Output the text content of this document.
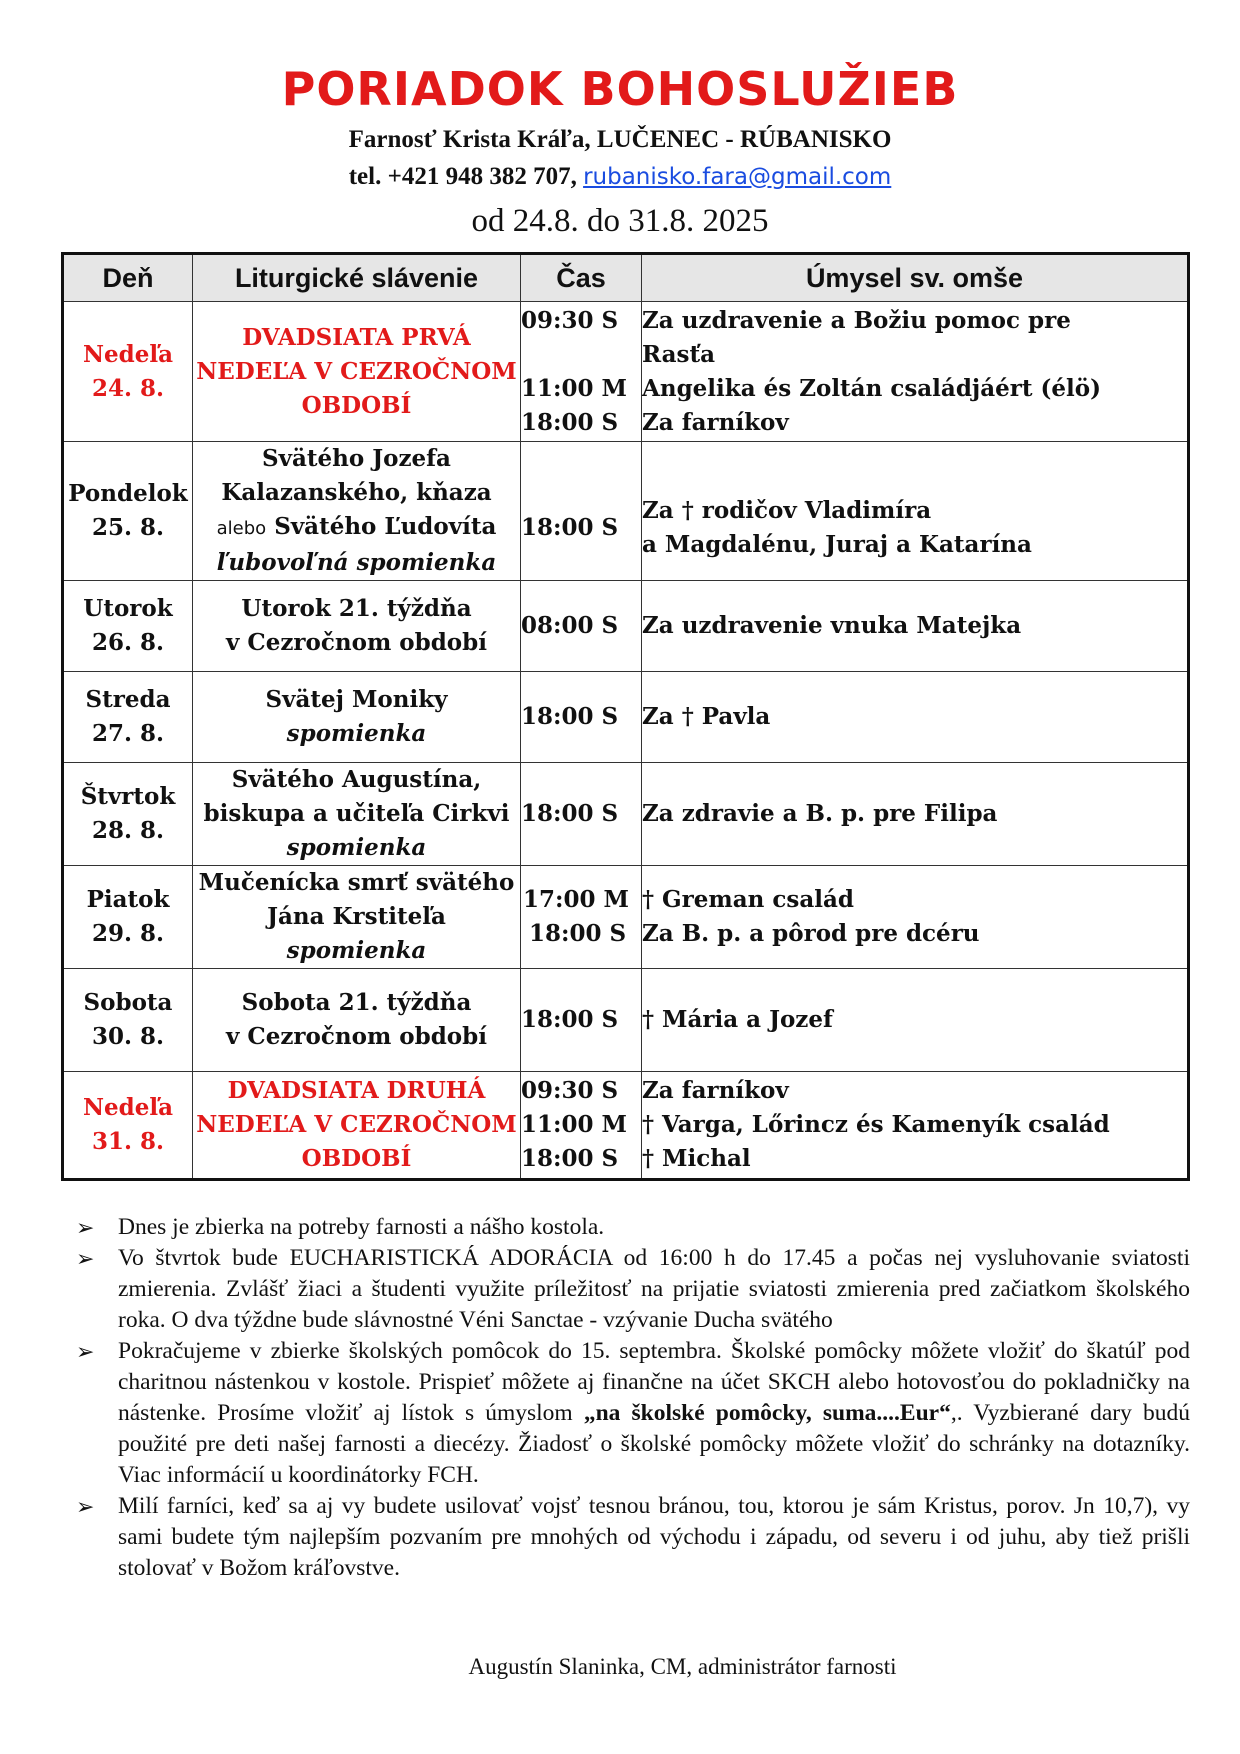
PORIADOK BOHOSLUŽIEB
Farnosť Krista Kráľa, LUČENEC - RÚBANISKO
tel. +421 948 382 707, rubanisko.fara@gmail.com
od 24.8. do 31.8. 2025
Deň	Liturgické slávenie	Čas	Úmysel sv. omše

Nedeľa
24. 8.	DVADSIATA PRVÁ
NEDEĽA V CEZROČNOM
OBDOBÍ	09:30 S
11:00 M
18:00 S	Za uzdravenie a Božiu pomoc pre
Rasťa
Angelika és Zoltán családjáért (élö)
Za farníkov

Pondelok
25. 8.	Svätého Jozefa
Kalazanského, kňaza
alebo Svätého Ľudovíta
ľubovoľná spomienka	18:00 S	Za † rodičov Vladimíra
a Magdalénu, Juraj a Katarína

Utorok
26. 8.	Utorok 21. týždňa
v Cezročnom období	08:00 S	Za uzdravenie vnuka Matejka

Streda
27. 8.	Svätej Moniky
spomienka	18:00 S	Za † Pavla

Štvrtok
28. 8.	Svätého Augustína,
biskupa a učiteľa Cirkvi
spomienka	18:00 S	Za zdravie a B. p. pre Filipa

Piatok
29. 8.	Mučenícka smrť svätého
Jána Krstiteľa
spomienka	17:00 M
18:00 S	† Greman család
Za B. p. a pôrod pre dcéru

Sobota
30. 8.	Sobota 21. týždňa
v Cezročnom období	18:00 S	† Mária a Jozef

Nedeľa
31. 8.	DVADSIATA DRUHÁ
NEDEĽA V CEZROČNOM
OBDOBÍ	09:30 S
11:00 M
18:00 S	Za farníkov
† Varga, Lőrincz és Kamenyík család
† Michal
➢ Dnes je zbierka na potreby farnosti a nášho kostola.
➢ Vo štvrtok bude EUCHARISTICKÁ ADORÁCIA od 16:00 h do 17.45 a počas nej vysluhovanie sviatosti zmierenia. Zvlášť žiaci a študenti využite príležitosť na prijatie sviatosti zmierenia pred začiatkom školského roka. O dva týždne bude slávnostné Véni Sanctae - vzývanie Ducha svätého
➢ Pokračujeme v zbierke školských pomôcok do 15. septembra. Školské pomôcky môžete vložiť do škatúľ pod charitnou nástenkou v kostole. Prispieť môžete aj finančne na účet SKCH alebo hotovosťou do pokladničky na nástenke. Prosíme vložiť aj lístok s úmyslom „na školské pomôcky, suma....Eur“,. Vyzbierané dary budú použité pre deti našej farnosti a diecézy. Žiadosť o školské pomôcky môžete vložiť do schránky na dotazníky. Viac informácií u koordinátorky FCH.
➢ Milí farníci, keď sa aj vy budete usilovať vojsť tesnou bránou, tou, ktorou je sám Kristus, porov. Jn 10,7), vy sami budete tým najlepším pozvaním pre mnohých od východu i západu, od severu i od juhu, aby tiež prišli stolovať v Božom kráľovstve.
Augustín Slaninka, CM, administrátor farnosti
